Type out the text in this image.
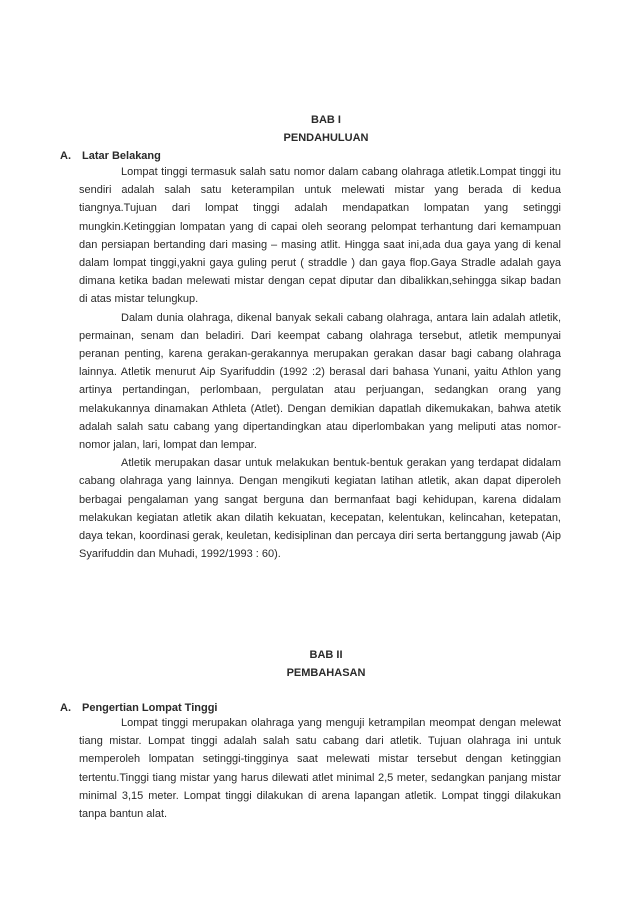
BAB I
PENDAHULUAN
A. Latar Belakang

Lompat tinggi termasuk salah satu nomor dalam cabang olahraga atletik.Lompat tinggi itu sendiri adalah salah satu keterampilan untuk melewati mistar yang berada di kedua tiangnya.Tujuan dari lompat tinggi adalah mendapatkan lompatan yang setinggi mungkin.Ketinggian lompatan yang di capai oleh seorang pelompat terhantung dari kemampuan dan persiapan bertanding dari masing – masing atlit. Hingga saat ini,ada dua gaya yang di kenal dalam lompat tinggi,yakni gaya guling perut ( straddle ) dan gaya flop.Gaya Stradle adalah gaya dimana ketika badan melewati mistar dengan cepat diputar dan dibalikkan,sehingga sikap badan di atas mistar telungkup.

Dalam dunia olahraga, dikenal banyak sekali cabang olahraga, antara lain adalah atletik, permainan, senam dan beladiri. Dari keempat cabang olahraga tersebut, atletik mempunyai peranan penting, karena gerakan-gerakannya merupakan gerakan dasar bagi cabang olahraga lainnya. Atletik menurut Aip Syarifuddin (1992 :2) berasal dari bahasa Yunani, yaitu Athlon yang artinya pertandingan, perlombaan, pergulatan atau perjuangan, sedangkan orang yang melakukannya dinamakan Athleta (Atlet). Dengan demikian dapatlah dikemukakan, bahwa atetik adalah salah satu cabang yang dipertandingkan atau diperlombakan yang meliputi atas nomor-nomor jalan, lari, lompat dan lempar.

Atletik merupakan dasar untuk melakukan bentuk-bentuk gerakan yang terdapat didalam cabang olahraga yang lainnya. Dengan mengikuti kegiatan latihan atletik, akan dapat diperoleh berbagai pengalaman yang sangat berguna dan bermanfaat bagi kehidupan, karena didalam melakukan kegiatan atletik akan dilatih kekuatan, kecepatan, kelentukan, kelincahan, ketepatan, daya tekan, koordinasi gerak, keuletan, kedisiplinan dan percaya diri serta bertanggung jawab (Aip Syarifuddin dan Muhadi, 1992/1993 : 60).

BAB II
PEMBAHASAN
A. Pengertian Lompat Tinggi

Lompat tinggi merupakan olahraga yang menguji ketrampilan meompat dengan melewat tiang mistar. Lompat tinggi adalah salah satu cabang dari atletik. Tujuan olahraga ini untuk memperoleh lompatan setinggi-tingginya saat melewati mistar tersebut dengan ketinggian tertentu.Tinggi tiang mistar yang harus dilewati atlet minimal 2,5 meter, sedangkan panjang mistar minimal 3,15 meter. Lompat tinggi dilakukan di arena lapangan atletik. Lompat tinggi dilakukan tanpa bantun alat.
